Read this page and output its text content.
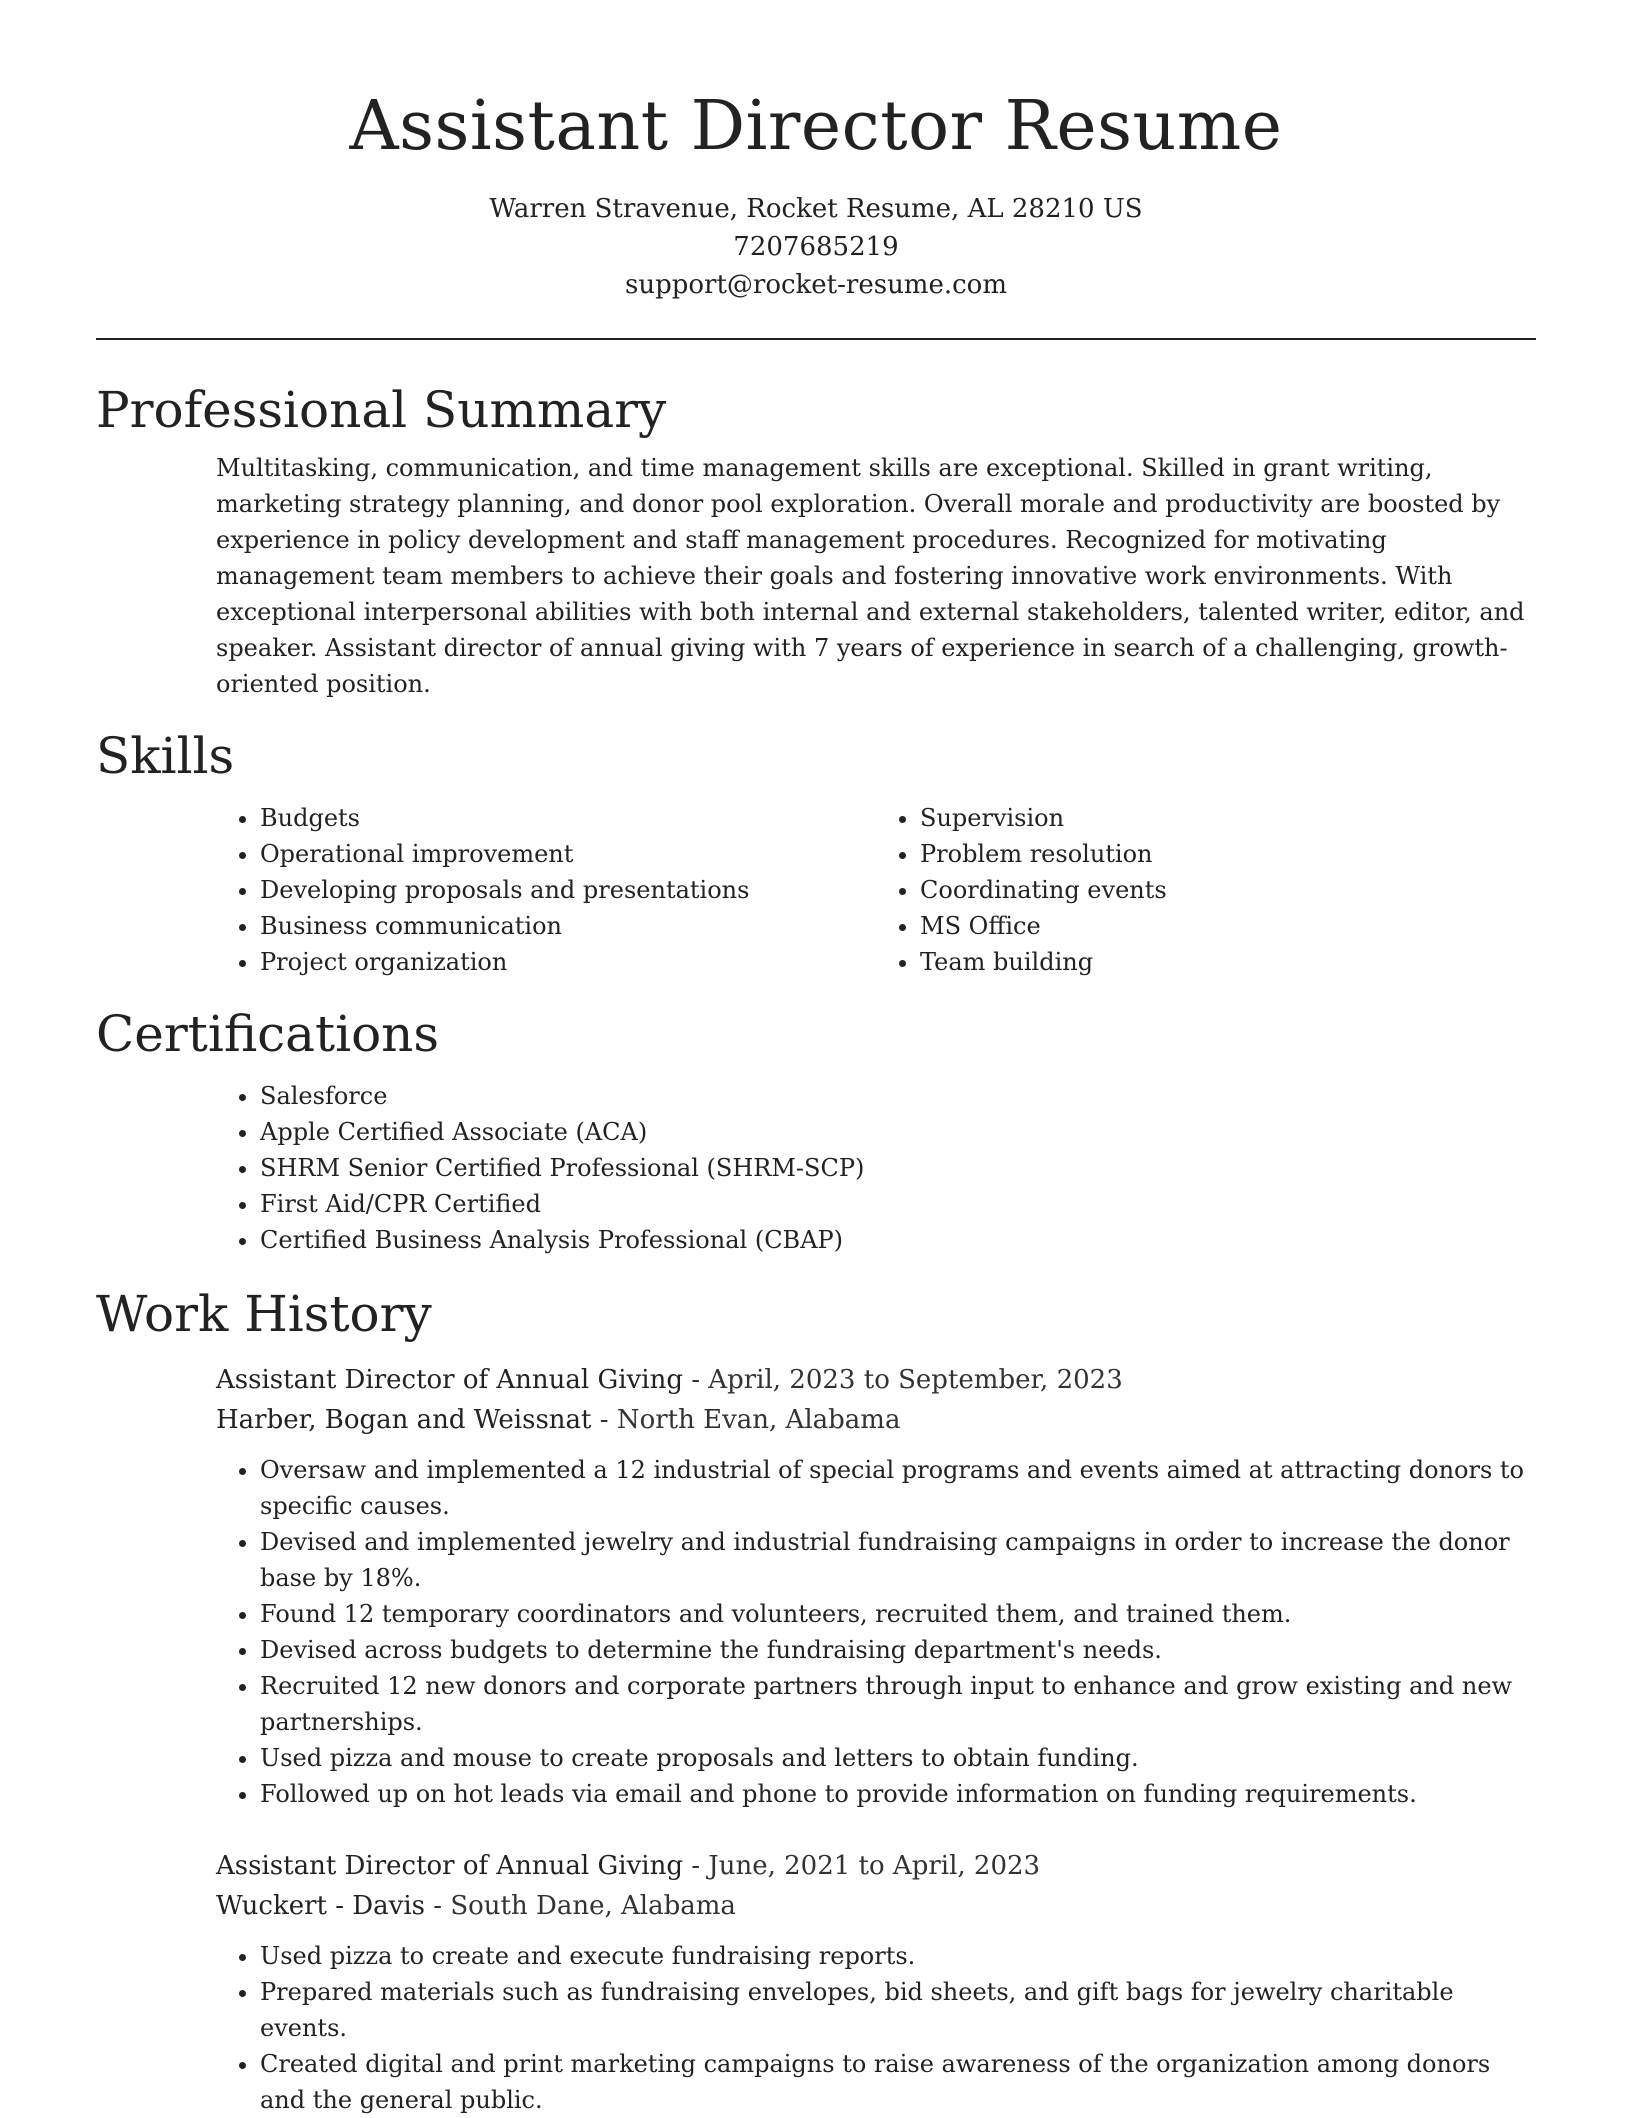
Assistant Director Resume

Warren Stravenue, Rocket Resume, AL 28210 US

7207685219

support@rocket-resume.com

Professional Summary

Multitasking, communication, and time management skills are exceptional. Skilled in grant writing, marketing strategy planning, and donor pool exploration. Overall morale and productivity are boosted by experience in policy development and staff management procedures. Recognized for motivating management team members to achieve their goals and fostering innovative work environments. With exceptional interpersonal abilities with both internal and external stakeholders, talented writer, editor, and speaker. Assistant director of annual giving with 7 years of experience in search of a challenging, growth-oriented position.

Skills
• Budgets
• Operational improvement
• Developing proposals and presentations
• Business communication
• Project organization
• Supervision
• Problem resolution
• Coordinating events
• MS Office
• Team building
Certifications
• Salesforce
• Apple Certified Associate (ACA)
• SHRM Senior Certified Professional (SHRM-SCP)
• First Aid/CPR Certified
• Certified Business Analysis Professional (CBAP)
Work History

Assistant Director of Annual Giving - April, 2023 to September, 2023

Harber, Bogan and Weissnat - North Evan, Alabama

• Oversaw and implemented a 12 industrial of special programs and events aimed at attracting donors to specific causes.
• Devised and implemented jewelry and industrial fundraising campaigns in order to increase the donor base by 18%.
• Found 12 temporary coordinators and volunteers, recruited them, and trained them.
• Devised across budgets to determine the fundraising department's needs.
• Recruited 12 new donors and corporate partners through input to enhance and grow existing and new partnerships.
• Used pizza and mouse to create proposals and letters to obtain funding.
• Followed up on hot leads via email and phone to provide information on funding requirements.

Assistant Director of Annual Giving - June, 2021 to April, 2023

Wuckert - Davis - South Dane, Alabama

• Used pizza to create and execute fundraising reports.
• Prepared materials such as fundraising envelopes, bid sheets, and gift bags for jewelry charitable events.
• Created digital and print marketing campaigns to raise awareness of the organization among donors and the general public.
